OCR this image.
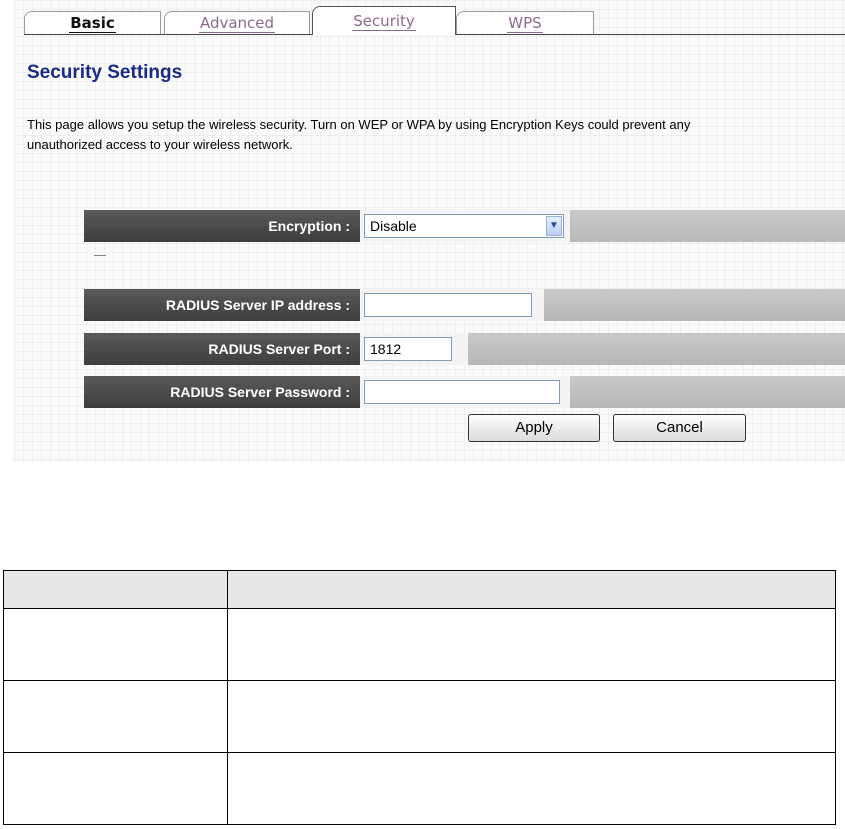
Basic	Advanced	Security	WPS
Security Settings
This page allows you setup the wireless security. Turn on WEP or WPA by using Encryption Keys could prevent any unauthorized access to your wireless network.
Encryption :	Disable	▼
RADIUS Server IP address :
RADIUS Server Port :	1812
RADIUS Server Password :
Apply	Cancel
